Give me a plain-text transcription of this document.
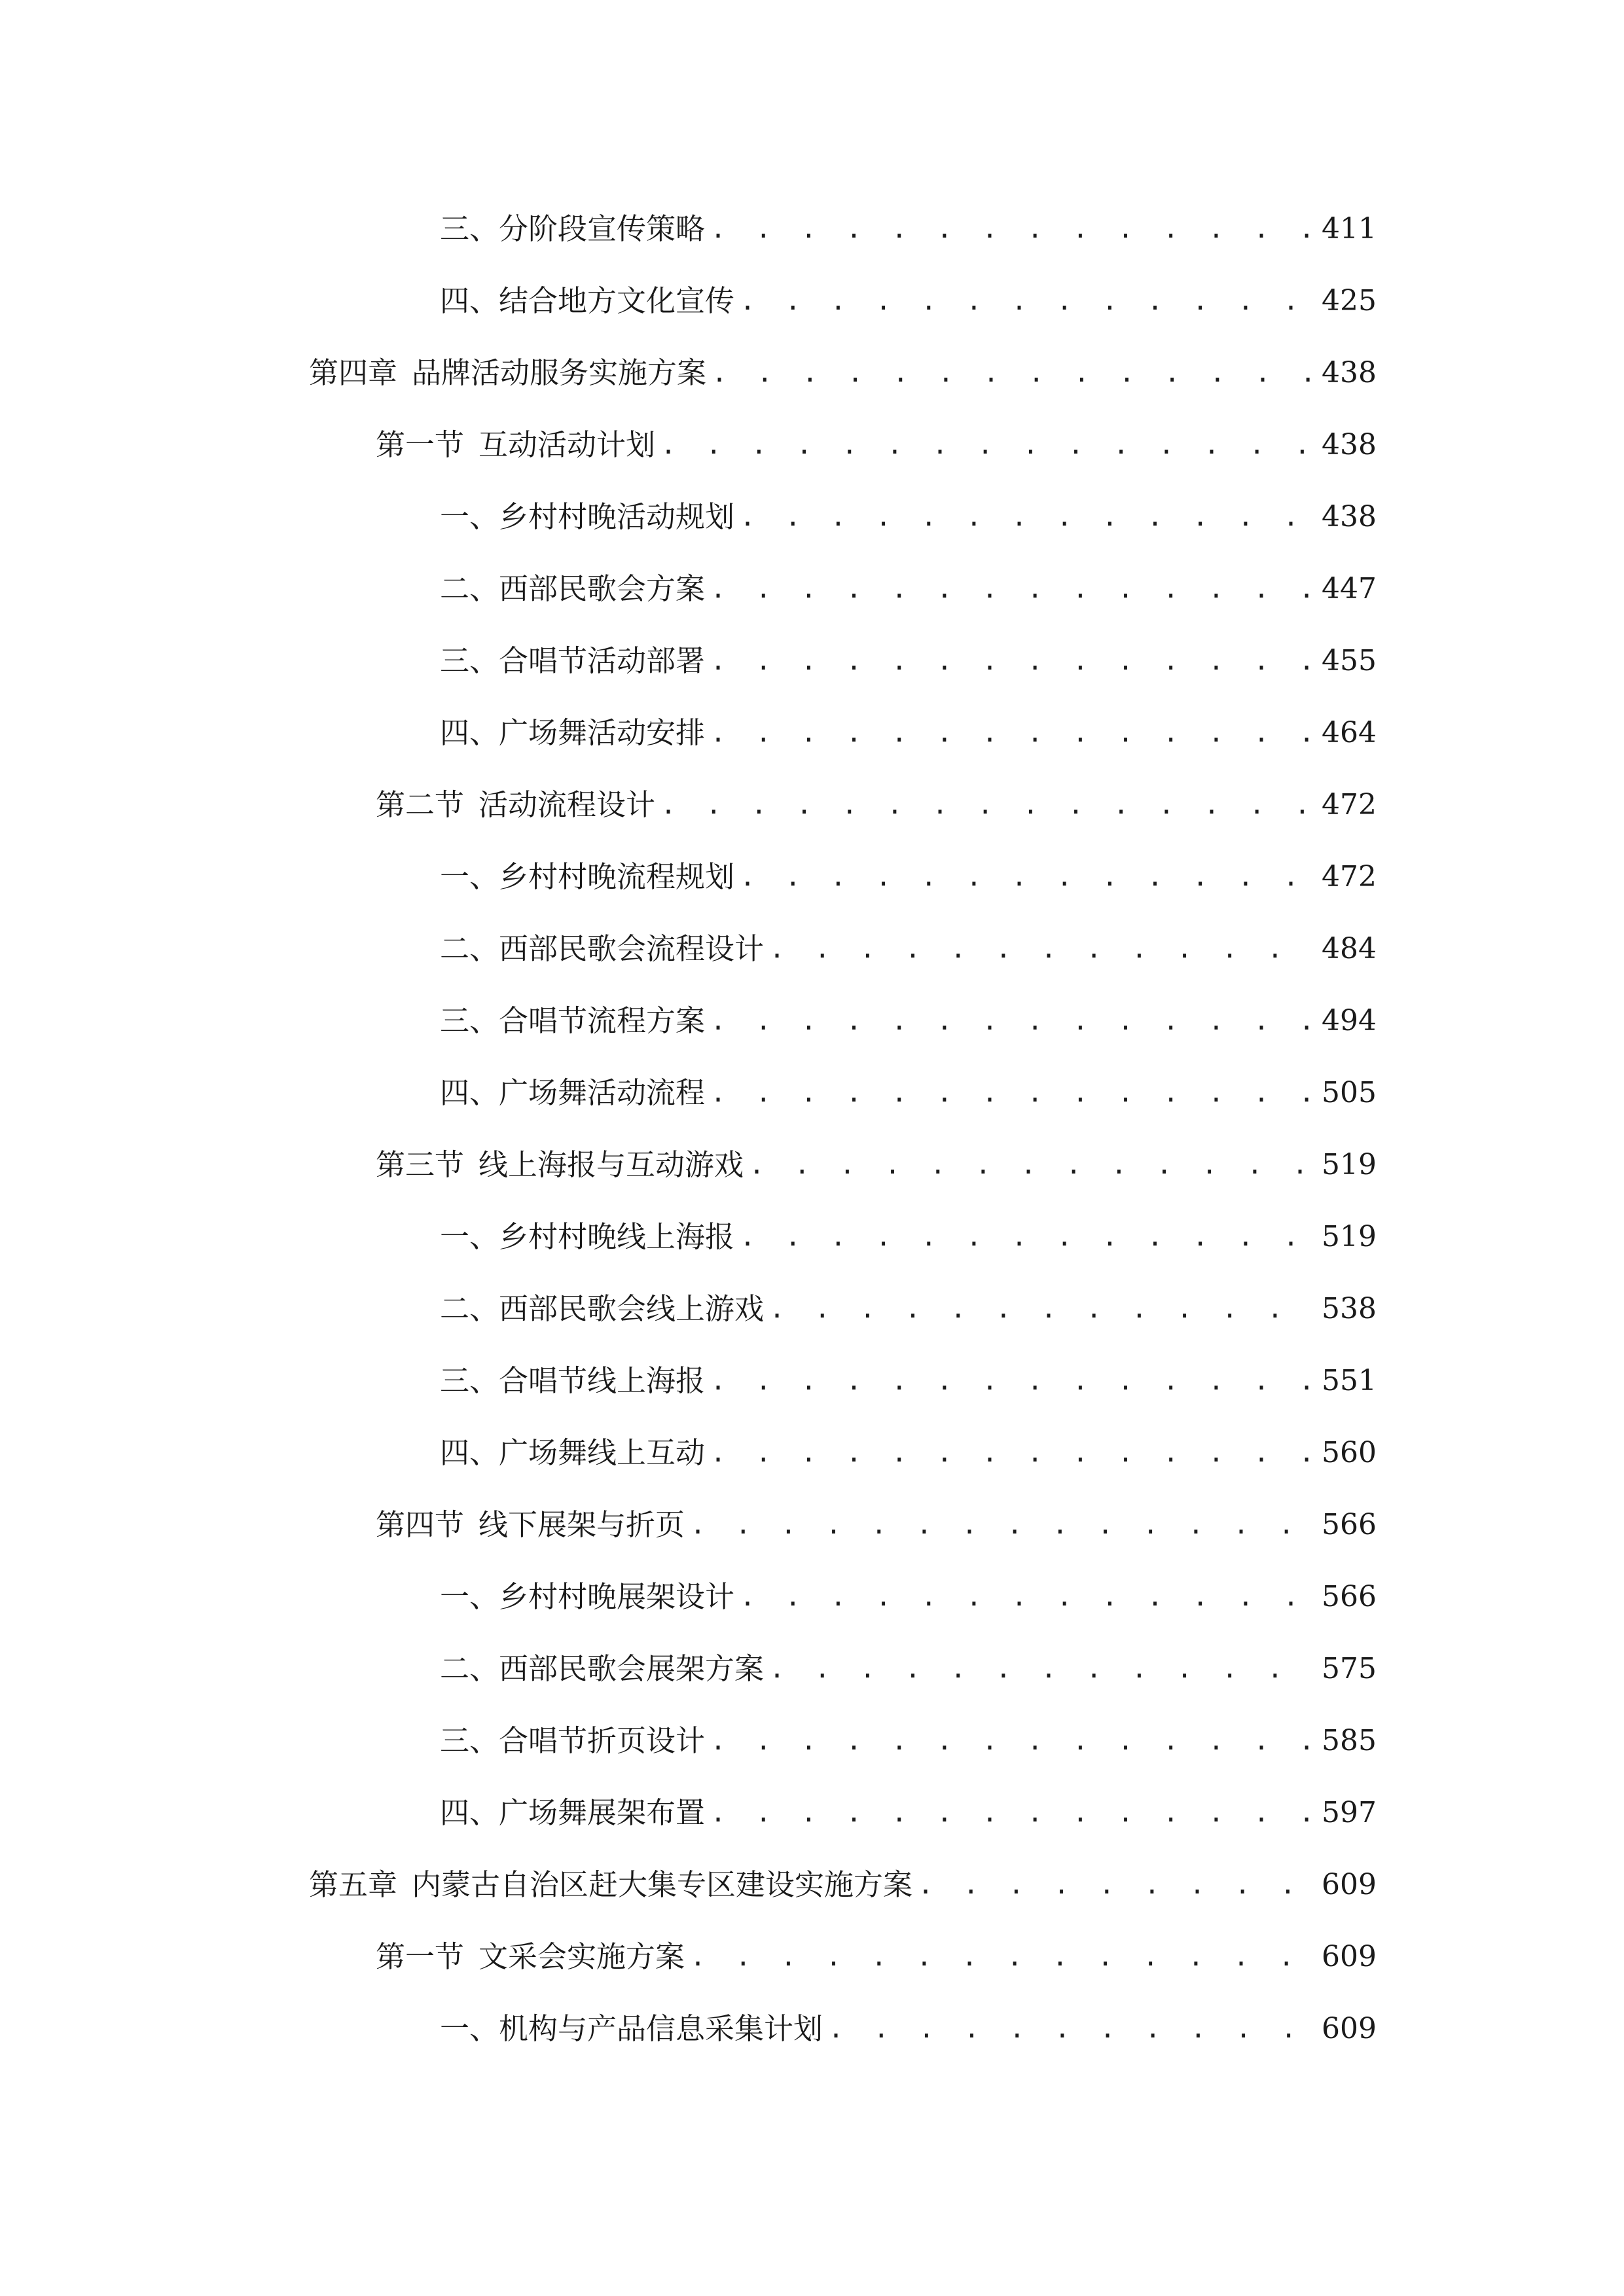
三、 分阶段宣传策略 . . .	411
四、 结合地方文化宣传 . . .	425
第四章 品牌活动服务实施方案 . . .	438
第一节 互动活动计划 . . .	438
一、 乡村村晚活动规划 . . .	438
二、 西部民歌会方案 . . .	447
三、 合唱节活动部署 . . .	455
四、 广场舞活动安排 . . .	464
第二节 活动流程设计 . . .	472
一、 乡村村晚流程规划 . . .	472
二、 西部民歌会流程设计 . . .	484
三、 合唱节流程方案 . . .	494
四、 广场舞活动流程 . . .	505
第三节 线上海报与互动游戏 . . .	519
一、 乡村村晚线上海报 . . .	519
二、 西部民歌会线上游戏 . . .	538
三、 合唱节线上海报 . . .	551
四、 广场舞线上互动 . . .	560
第四节 线下展架与折页 . . .	566
一、 乡村村晚展架设计 . . .	566
二、 西部民歌会展架方案 . . .	575
三、 合唱节折页设计 . . .	585
四、 广场舞展架布置 . . .	597
第五章 内蒙古自治区赶大集专区建设实施方案 . . .	609
第一节 文采会实施方案 . . .	609
一、 机构与产品信息采集计划 . . .	609
